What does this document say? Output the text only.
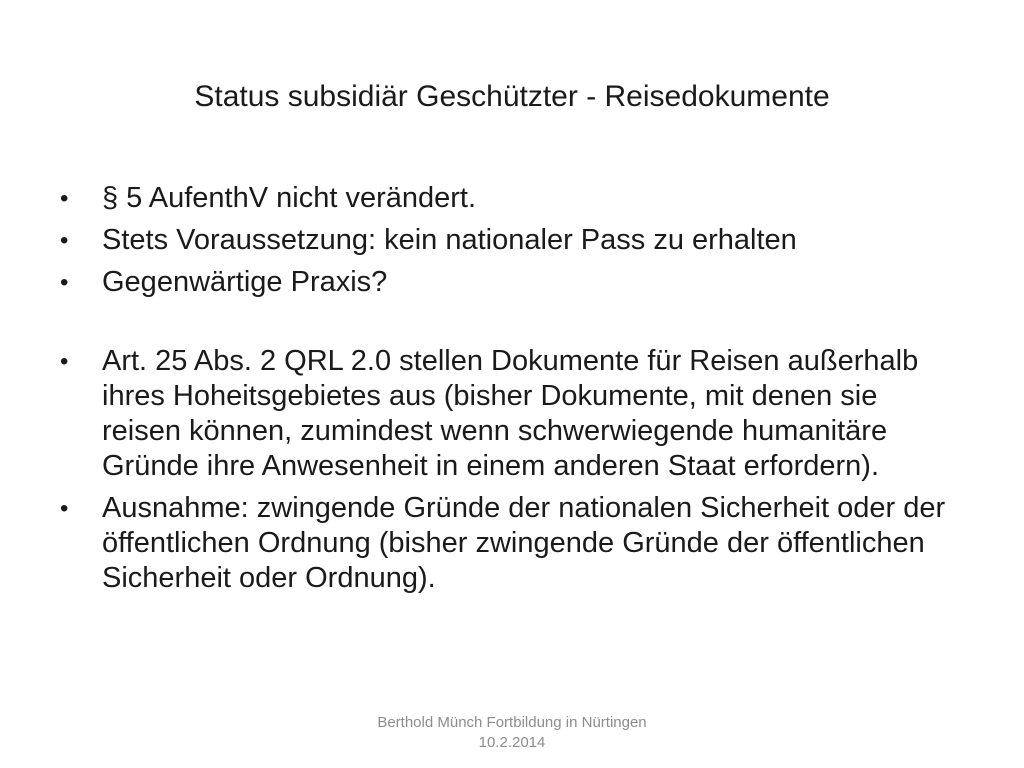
Status subsidiär Geschützter - Reisedokumente
•	§ 5 AufenthV nicht verändert.
•	Stets Voraussetzung: kein nationaler Pass zu erhalten
•	Gegenwärtige Praxis?
•	Art. 25 Abs. 2 QRL 2.0 stellen Dokumente für Reisen außerhalb ihres Hoheitsgebietes aus (bisher Dokumente, mit denen sie reisen können, zumindest wenn schwerwiegende humanitäre Gründe ihre Anwesenheit in einem anderen Staat erfordern).
•	Ausnahme: zwingende Gründe der nationalen Sicherheit oder der öffentlichen Ordnung (bisher zwingende Gründe der öffentlichen Sicherheit oder Ordnung).
Berthold Münch Fortbildung in Nürtingen
10.2.2014
